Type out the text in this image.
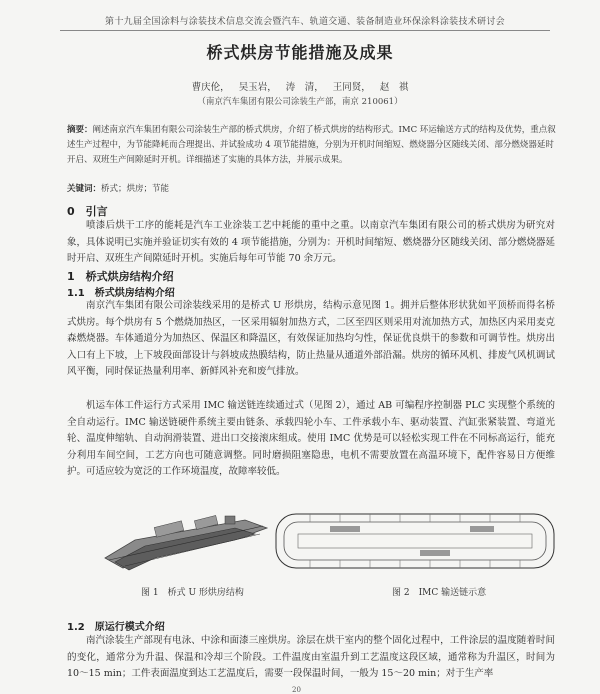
第十九届全国涂料与涂装技术信息交流会暨汽车、轨道交通、装备制造业环保涂料涂装技术研讨会
桥式烘房节能措施及成果
曹庆伦， 吴玉岩， 涛　清， 王同贤， 赵　祺
（南京汽车集团有限公司涂装生产部，南京 210061）
摘要：阐述南京汽车集团有限公司涂装生产部的桥式烘房，介绍了桥式烘房的结构形式。IMC 环运输送方式的结构及优势，重点叙述生产过程中，为节能降耗而合理提出、并试验成功 4 项节能措施，分别为开机时间缩短、燃烧器分区随线关闭、部分燃烧器延时开启、双班生产间隙延时开机。详细描述了实施的具体方法，并展示成果。
关键词：桥式；烘房；节能
0　引言

喷漆后烘干工序的能耗是汽车工业涂装工艺中耗能的重中之重。以南京汽车集团有限公司的桥式烘房为研究对象，具体说明已实施并验证切实有效的 4 项节能措施，分别为：开机时间缩短、燃烧器分区随线关闭、部分燃烧器延时开启、双班生产间隙延时开机。实施后每年可节能 70 余万元。

1　桥式烘房结构介绍
1.1　桥式烘房结构介绍

南京汽车集团有限公司涂装线采用的是桥式 U 形烘房，结构示意见图 1。拥并后整体形状犹如平顶桥而得名桥式烘房。每个烘房有 5 个燃烧加热区，一区采用辐射加热方式，二区至四区则采用对流加热方式，加热区内采用麦克森燃烧器。车体通道分为加热区、保温区和降温区，有效保证加热均匀性，保证优良烘干的参数和可调节性。烘房出入口有上下坡，上下坡段面部设计与斜坡成热膜结构，防止热量从通道外部沿漏。烘房的循环风机、排废气风机调试风平衡，同时保证热量利用率、新鲜风补充和废气排放。

机运车体工件运行方式采用 IMC 输送链连续通过式（见图 2），通过 AB 可编程序控制器 PLC 实现整个系统的全自动运行。IMC 输送链硬件系统主要由链条、承载四轮小车、工件承载小车、驱动装置、汽缸张紧装置、弯道光轮、温度伸缩轨、自动润滑装置、进出口交接滚床组成。使用 IMC 优势是可以轻松实现工件在不同标高运行，能充分利用车间空间，工艺方向也可随意调整。同时磨损阻塞隐患，电机不需要放置在高温环境下，配件容易日方便维护。可适应较为宽泛的工作环境温度，故障率较低。

图 1　桥式 U 形烘房结构	图 2　IMC 输送链示意
1.2　原运行模式介绍

南汽涂装生产部现有电泳、中涂和面漆三座烘房。涂层在烘干室内的整个固化过程中，工件涂层的温度随着时间的变化，通常分为升温、保温和冷却三个阶段。工件温度由室温升到工艺温度这段区域，通常称为升温区，时间为 10～15 min；工件表面温度到达工艺温度后，需要一段保温时间，一般为 15～20 min；对于生产率

20
